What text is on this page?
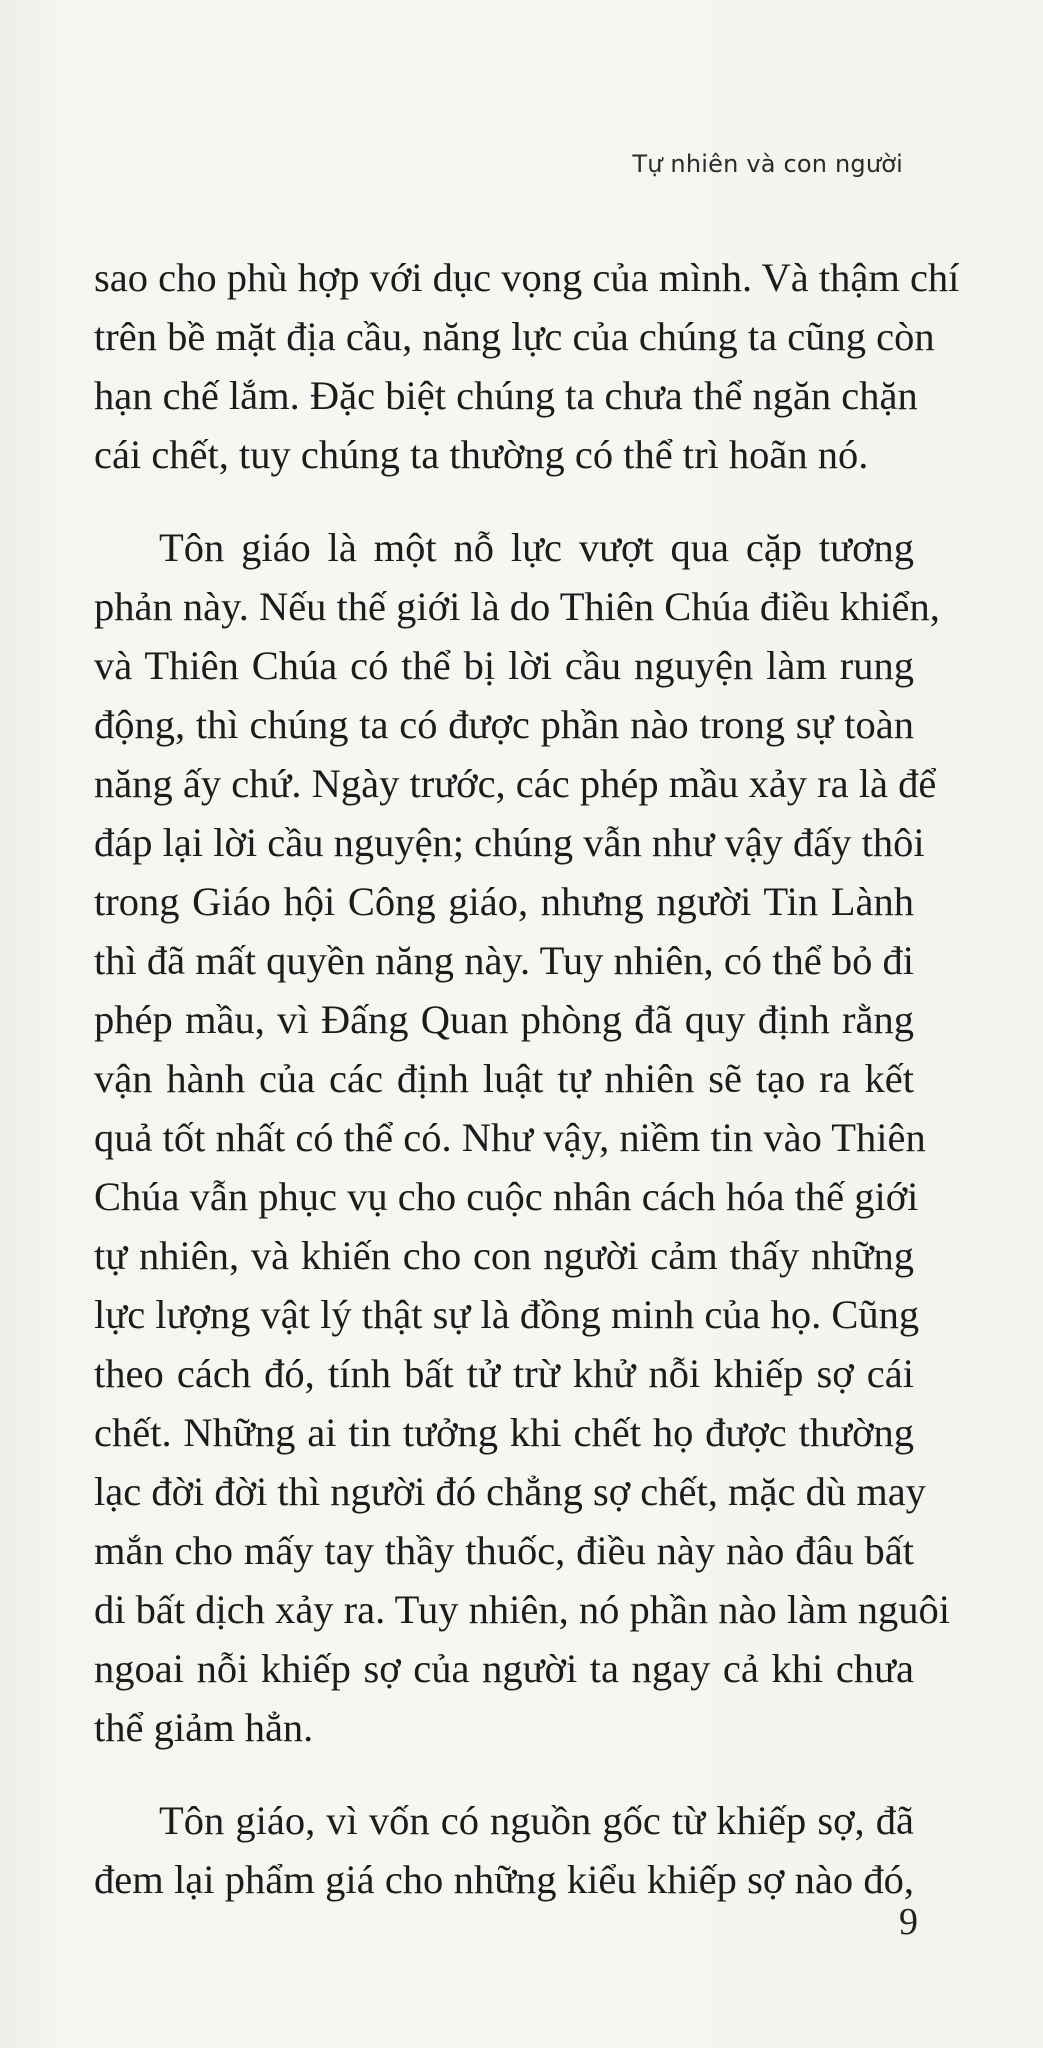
Tự nhiên và con người

sao cho phù hợp với dục vọng của mình. Và thậm chí
trên bề mặt địa cầu, năng lực của chúng ta cũng còn
hạn chế lắm. Đặc biệt chúng ta chưa thể ngăn chặn
cái chết, tuy chúng ta thường có thể trì hoãn nó.

Tôn giáo là một nỗ lực vượt qua cặp tương
phản này. Nếu thế giới là do Thiên Chúa điều khiển,
và Thiên Chúa có thể bị lời cầu nguyện làm rung
động, thì chúng ta có được phần nào trong sự toàn
năng ấy chứ. Ngày trước, các phép mầu xảy ra là để
đáp lại lời cầu nguyện; chúng vẫn như vậy đấy thôi
trong Giáo hội Công giáo, nhưng người Tin Lành
thì đã mất quyền năng này. Tuy nhiên, có thể bỏ đi
phép mầu, vì Đấng Quan phòng đã quy định rằng
vận hành của các định luật tự nhiên sẽ tạo ra kết
quả tốt nhất có thể có. Như vậy, niềm tin vào Thiên
Chúa vẫn phục vụ cho cuộc nhân cách hóa thế giới
tự nhiên, và khiến cho con người cảm thấy những
lực lượng vật lý thật sự là đồng minh của họ. Cũng
theo cách đó, tính bất tử trừ khử nỗi khiếp sợ cái
chết. Những ai tin tưởng khi chết họ được thường
lạc đời đời thì người đó chẳng sợ chết, mặc dù may
mắn cho mấy tay thầy thuốc, điều này nào đâu bất
di bất dịch xảy ra. Tuy nhiên, nó phần nào làm nguôi
ngoai nỗi khiếp sợ của người ta ngay cả khi chưa
thể giảm hẳn.

Tôn giáo, vì vốn có nguồn gốc từ khiếp sợ, đã
đem lại phẩm giá cho những kiểu khiếp sợ nào đó,

9
